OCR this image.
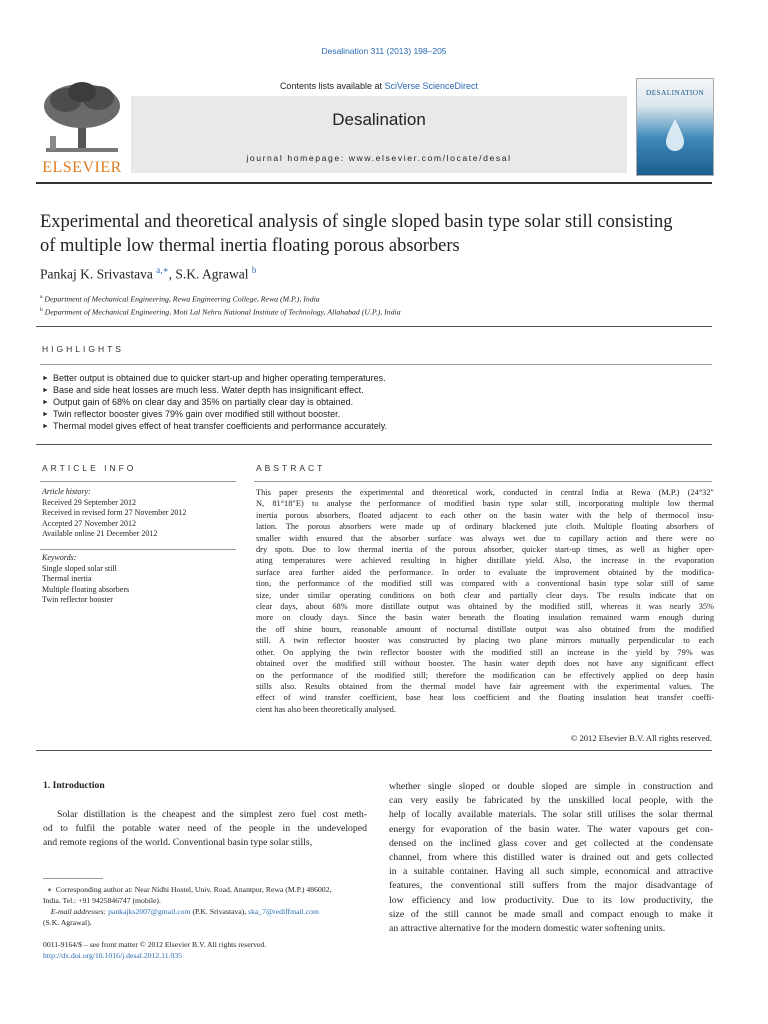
Desalination 311 (2013) 198–205
ELSEVIER
Contents lists available at SciVerse ScienceDirect
Desalination
journal homepage: www.elsevier.com/locate/desal
DESALINATION
Experimental and theoretical analysis of single sloped basin type solar still consisting
of multiple low thermal inertia floating porous absorbers
Pankaj K. Srivastava $^{a,∗}$, S.K. Agrawal $^b$
$^a$ Department of Mechanical Engineering, Rewa Engineering College, Rewa (M.P.), India
$^b$ Department of Mechanical Engineering, Moti Lal Nehru National Institute of Technology, Allahabad (U.P.), India
HIGHLIGHTS
► Better output is obtained due to quicker start-up and higher operating temperatures.
► Base and side heat losses are much less. Water depth has insignificant effect.
► Output gain of 68% on clear day and 35% on partially clear day is obtained.
► Twin reflector booster gives 79% gain over modified still without booster.
► Thermal model gives effect of heat transfer coefficients and performance accurately.
ARTICLE INFO
Article history:
Received 29 September 2012
Received in revised form 27 November 2012
Accepted 27 November 2012
Available online 21 December 2012
Keywords:
Single sloped solar still
Thermal inertia
Multiple floating absorbers
Twin reflector booster
ABSTRACT
This paper presents the experimental and theoretical work, conducted in central India at Rewa (M.P.) (24°32″
N, 81°18″E) to analyse the performance of modified basin type solar still, incorporating multiple low thermal
inertia porous absorbers, floated adjacent to each other on the basin water with the help of thermocol insu-
lation. The porous absorbers were made up of ordinary blackened jute cloth. Multiple floating absorbers of
smaller width ensured that the absorber surface was always wet due to capillary action and there were no
dry spots. Due to low thermal inertia of the porous absorber, quicker start-up times, as well as higher oper-
ating temperatures were achieved resulting in higher distillate yield. Also, the increase in the evaporation
surface area further aided the performance. In order to evaluate the improvement obtained by the modifica-
tion, the performance of the modified still was compared with a conventional basin type solar still of same
size, under similar operating conditions on both clear and partially clear days. The results indicate that on
clear days, about 68% more distillate output was obtained by the modified still, whereas it was nearly 35%
more on cloudy days. Since the basin water beneath the floating insulation remained warm enough during
the off shine hours, reasonable amount of nocturnal distillate output was also obtained from the modified
still. A twin reflector booster was constructed by placing two plane mirrors mutually perpendicular to each
other. On applying the twin reflector booster with the modified still an increase in the yield by 79% was
obtained over the modified still without booster. The basin water depth does not have any significant effect
on the performance of the modified still; therefore the modification can be effectively applied on deep basin
stills also. Results obtained from the thermal model have fair agreement with the experimental values. The
effect of wind transfer coefficient, base heat loss coefficient and the floating insulation heat transfer coeffi-
cient has also been theoretically analysed.
© 2012 Elsevier B.V. All rights reserved.
1. Introduction
Solar distillation is the cheapest and the simplest zero fuel cost meth-
od to fulfil the potable water need of the people in the undeveloped
and remote regions of the world. Conventional basin type solar stills,
whether single sloped or double sloped are simple in construction and
can very easily be fabricated by the unskilled local people, with the
help of locally available materials. The solar still utilises the solar thermal
energy for evaporation of the basin water. The water vapours get con-
densed on the inclined glass cover and get collected at the condensate
channel, from where this distilled water is drained out and gets collected
in a suitable container. Having all such simple, economical and attractive
features, the conventional still suffers from the major disadvantage of
low efficiency and low productivity. Due to its low productivity, the
size of the still cannot be made small and compact enough to make it
an attractive alternative for the modern domestic water softening units.
∗ Corresponding author at: Near Nidhi Hostel, Univ. Road, Anantpur, Rewa (M.P.) 486002,
India. Tel.: +91 9425846747 (mobile).
E-mail addresses: pankajks2007@gmail.com (P.K. Srivastava), ska_7@rediffmail.com
(S.K. Agrawal).
0011-9164/$ – see front matter © 2012 Elsevier B.V. All rights reserved.
http://dx.doi.org/10.1016/j.desal.2012.11.035
